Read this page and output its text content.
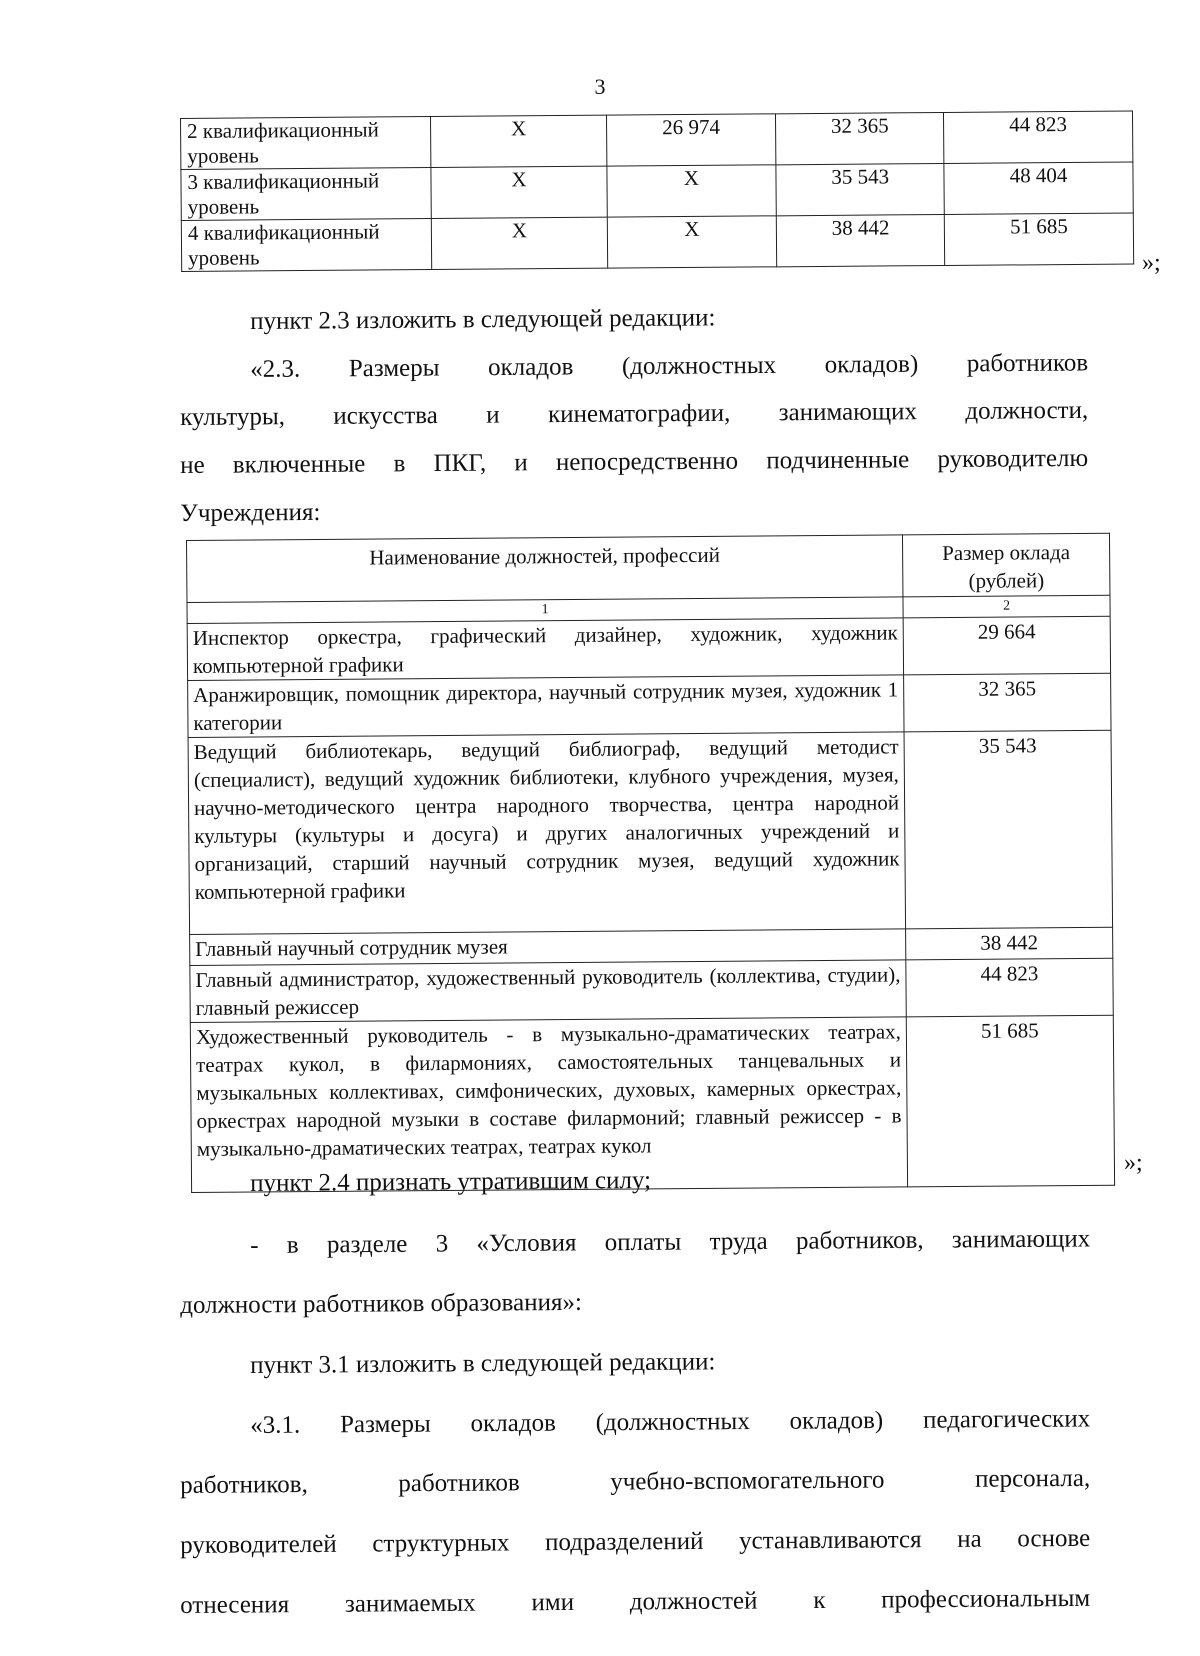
3
2 квалификационный уровень	Х	26 974	32 365	44 823
3 квалификационный уровень	Х	Х	35 543	48 404
4 квалификационный уровень	Х	Х	38 442	51 685
»;
пункт 2.3 изложить в следующей редакции:
«2.3. Размеры окладов (должностных окладов) работников
культуры, искусства и кинематографии, занимающих должности,
не включенные в ПКГ, и непосредственно подчиненные руководителю
Учреждения:
Наименование должностей, профессий	Размер оклада (рублей)
1	2
Инспектор оркестра, графический дизайнер, художник, художник компьютерной графики	29 664
Аранжировщик, помощник директора, научный сотрудник музея, художник 1 категории	32 365
Ведущий библиотекарь, ведущий библиограф, ведущий методист (специалист), ведущий художник библиотеки, клубного учреждения, музея, научно-методического центра народного творчества, центра народной культуры (культуры и досуга) и других аналогичных учреждений и организаций, старший научный сотрудник музея, ведущий художник компьютерной графики	35 543
Главный научный сотрудник музея	38 442
Главный администратор, художественный руководитель (коллектива, студии), главный режиссер	44 823
Художественный руководитель - в музыкально-драматических театрах, театрах кукол, в филармониях, самостоятельных танцевальных и музыкальных коллективах, симфонических, духовых, камерных оркестрах, оркестрах народной музыки в составе филармоний; главный режиссер - в музыкально-драматических театрах, театрах кукол	51 685
»;
пункт 2.4 признать утратившим силу;
- в разделе 3 «Условия оплаты труда работников, занимающих
должности работников образования»:
пункт 3.1 изложить в следующей редакции:
«3.1. Размеры окладов (должностных окладов) педагогических
работников, работников учебно-вспомогательного персонала,
руководителей структурных подразделений устанавливаются на основе
отнесения занимаемых ими должностей к профессиональным
